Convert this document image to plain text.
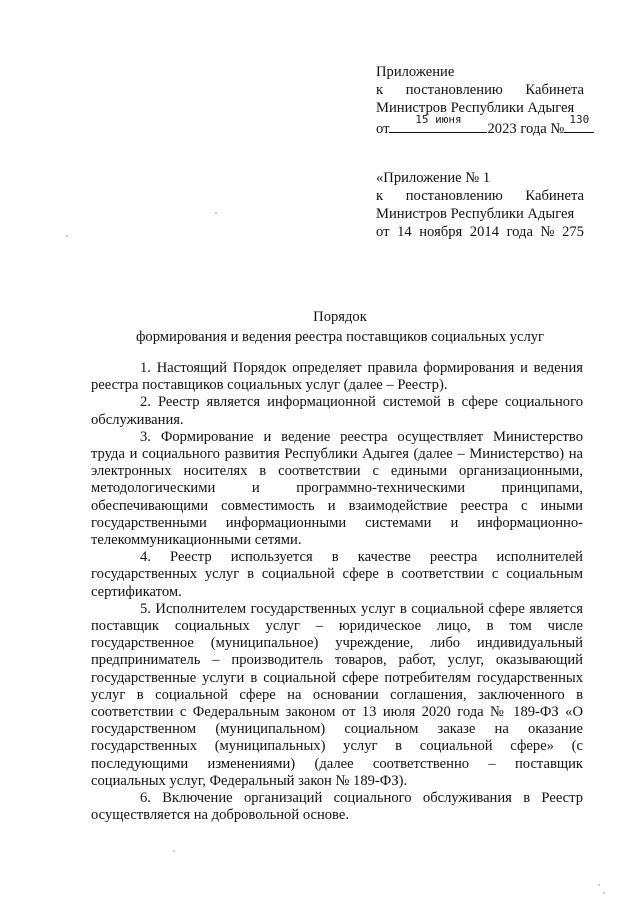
Приложение
к постановлению Кабинета
Министров Республики Адыгея
от
15 июня
2023 года №
130
«Приложение № 1
к постановлению Кабинета
Министров Республики Адыгея
от 14 ноября 2014 года № 275
Порядок
формирования и ведения реестра поставщиков социальных услуг

1. Настоящий Порядок определяет правила формирования и ведения реестра поставщиков социальных услуг (далее – Реестр).

2. Реестр является информационной системой в сфере социального обслуживания.

3. Формирование и ведение реестра осуществляет Министерство труда и социального развития Республики Адыгея (далее – Министерство) на электронных носителях в соответствии с едиными организационными, методологическими и программно-техническими принципами, обеспечивающими совместимость и взаимодействие реестра с иными государственными информационными системами и информационно-телекоммуникационными сетями.

4. Реестр используется в качестве реестра исполнителей государственных услуг в социальной сфере в соответствии с социальным сертификатом.

5. Исполнителем государственных услуг в социальной сфере является поставщик социальных услуг – юридическое лицо, в том числе государственное (муниципальное) учреждение, либо индивидуальный предприниматель – производитель товаров, работ, услуг, оказывающий государственные услуги в социальной сфере потребителям государственных услуг в социальной сфере на основании соглашения, заключенного в соответствии с Федеральным законом от 13 июля 2020 года № 189-ФЗ «О государственном (муниципальном) социальном заказе на оказание государственных (муниципальных) услуг в социальной сфере» (с последующими изменениями) (далее соответственно – поставщик социальных услуг, Федеральный закон № 189-ФЗ).

6. Включение организаций социального обслуживания в Реестр осуществляется на добровольной основе.
